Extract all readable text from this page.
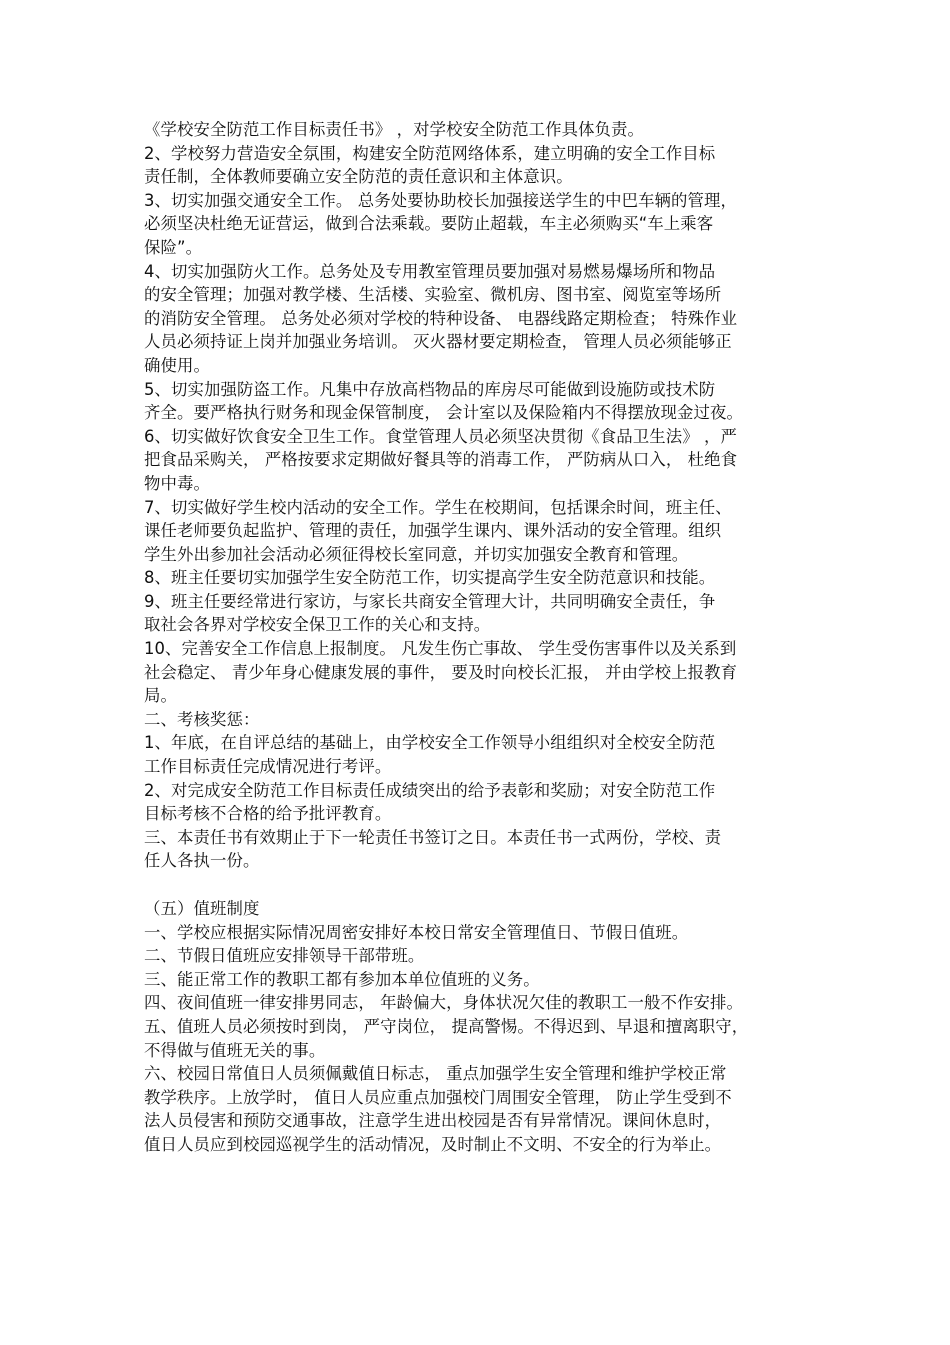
《学校安全防范工作目标责任书》 ，对学校安全防范工作具体负责。
2、学校努力营造安全氛围，构建安全防范网络体系，建立明确的安全工作目标
责任制，全体教师要确立安全防范的责任意识和主体意识。
3、切实加强交通安全工作。 总务处要协助校长加强接送学生的中巴车辆的管理，
必须坚决杜绝无证营运，做到合法乘载。要防止超载，车主必须购买“车上乘客
保险”。
4、切实加强防火工作。总务处及专用教室管理员要加强对易燃易爆场所和物品
的安全管理；加强对教学楼、生活楼、实验室、微机房、图书室、阅览室等场所
的消防安全管理。 总务处必须对学校的特种设备、 电器线路定期检查； 特殊作业
人员必须持证上岗并加强业务培训。 灭火器材要定期检查， 管理人员必须能够正
确使用。
5、切实加强防盗工作。凡集中存放高档物品的库房尽可能做到设施防或技术防
齐全。要严格执行财务和现金保管制度， 会计室以及保险箱内不得摆放现金过夜。
6、切实做好饮食安全卫生工作。食堂管理人员必须坚决贯彻《食品卫生法》 ，严
把食品采购关， 严格按要求定期做好餐具等的消毒工作， 严防病从口入， 杜绝食
物中毒。
7、切实做好学生校内活动的安全工作。学生在校期间，包括课余时间，班主任、
课任老师要负起监护、管理的责任，加强学生课内、课外活动的安全管理。组织
学生外出参加社会活动必须征得校长室同意，并切实加强安全教育和管理。
8、班主任要切实加强学生安全防范工作，切实提高学生安全防范意识和技能。
9、班主任要经常进行家访，与家长共商安全管理大计，共同明确安全责任，争
取社会各界对学校安全保卫工作的关心和支持。
10、完善安全工作信息上报制度。 凡发生伤亡事故、 学生受伤害事件以及关系到
社会稳定、 青少年身心健康发展的事件， 要及时向校长汇报， 并由学校上报教育
局。
二、考核奖惩：
1、年底，在自评总结的基础上，由学校安全工作领导小组组织对全校安全防范
工作目标责任完成情况进行考评。
2、对完成安全防范工作目标责任成绩突出的给予表彰和奖励；对安全防范工作
目标考核不合格的给予批评教育。
三、本责任书有效期止于下一轮责任书签订之日。本责任书一式两份，学校、责
任人各执一份。
（五）值班制度
一、学校应根据实际情况周密安排好本校日常安全管理值日、节假日值班。
二、节假日值班应安排领导干部带班。
三、能正常工作的教职工都有参加本单位值班的义务。
四、夜间值班一律安排男同志， 年龄偏大，身体状况欠佳的教职工一般不作安排。
五、值班人员必须按时到岗， 严守岗位， 提高警惕。不得迟到、早退和擅离职守，
不得做与值班无关的事。
六、校园日常值日人员须佩戴值日标志， 重点加强学生安全管理和维护学校正常
教学秩序。上放学时， 值日人员应重点加强校门周围安全管理， 防止学生受到不
法人员侵害和预防交通事故，注意学生进出校园是否有异常情况。课间休息时，
值日人员应到校园巡视学生的活动情况，及时制止不文明、不安全的行为举止。
